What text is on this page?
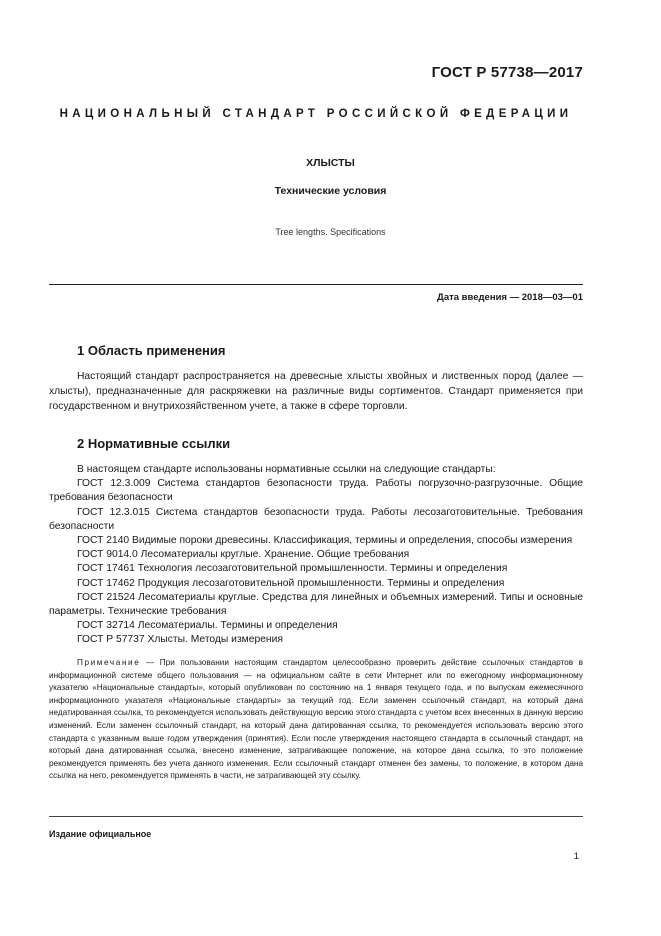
ГОСТ Р 57738—2017
НАЦИОНАЛЬНЫЙ СТАНДАРТ РОССИЙСКОЙ ФЕДЕРАЦИИ
ХЛЫСТЫ
Технические условия
Tree lengths. Specifications
Дата введения — 2018—03—01
1 Область применения
Настоящий стандарт распространяется на древесные хлысты хвойных и лиственных пород (далее — хлысты), предназначенные для раскряжевки на различные виды сортиментов. Стандарт применяется при государственном и внутрихозяйственном учете, а также в сфере торговли.
2 Нормативные ссылки
В настоящем стандарте использованы нормативные ссылки на следующие стандарты:
ГОСТ 12.3.009 Система стандартов безопасности труда. Работы погрузочно-разгрузочные. Общие требования безопасности
ГОСТ 12.3.015 Система стандартов безопасности труда. Работы лесозаготовительные. Требования безопасности
ГОСТ 2140 Видимые пороки древесины. Классификация, термины и определения, способы измерения
ГОСТ 9014.0 Лесоматериалы круглые. Хранение. Общие требования
ГОСТ 17461 Технология лесозаготовительной промышленности. Термины и определения
ГОСТ 17462 Продукция лесозаготовительной промышленности. Термины и определения
ГОСТ 21524 Лесоматериалы круглые. Средства для линейных и объемных измерений. Типы и основные параметры. Технические требования
ГОСТ 32714 Лесоматериалы. Термины и определения
ГОСТ Р 57737 Хлысты. Методы измерения
Примечание — При пользовании настоящим стандартом целесообразно проверить действие ссылочных стандартов в информационной системе общего пользования — на официальном сайте в сети Интернет или по ежегодному информационному указателю «Национальные стандарты», который опубликован по состоянию на 1 января текущего года, и по выпускам ежемесячного информационного указателя «Национальные стандарты» за текущий год. Если заменен ссылочный стандарт, на который дана недатированная ссылка, то рекомендуется использовать действующую версию этого стандарта с учетом всех внесенных в данную версию изменений. Если заменен ссылочный стандарт, на который дана датированная ссылка, то рекомендуется использовать версию этого стандарта с указанным выше годом утверждения (принятия). Если после утверждения настоящего стандарта в ссылочный стандарт, на который дана датированная ссылка, внесено изменение, затрагивающее положение, на которое дана ссылка, то это положение рекомендуется применять без учета данного изменения. Если ссылочный стандарт отменен без замены, то положение, в котором дана ссылка на него, рекомендуется применять в части, не затрагивающей эту ссылку.
Издание официальное
1
